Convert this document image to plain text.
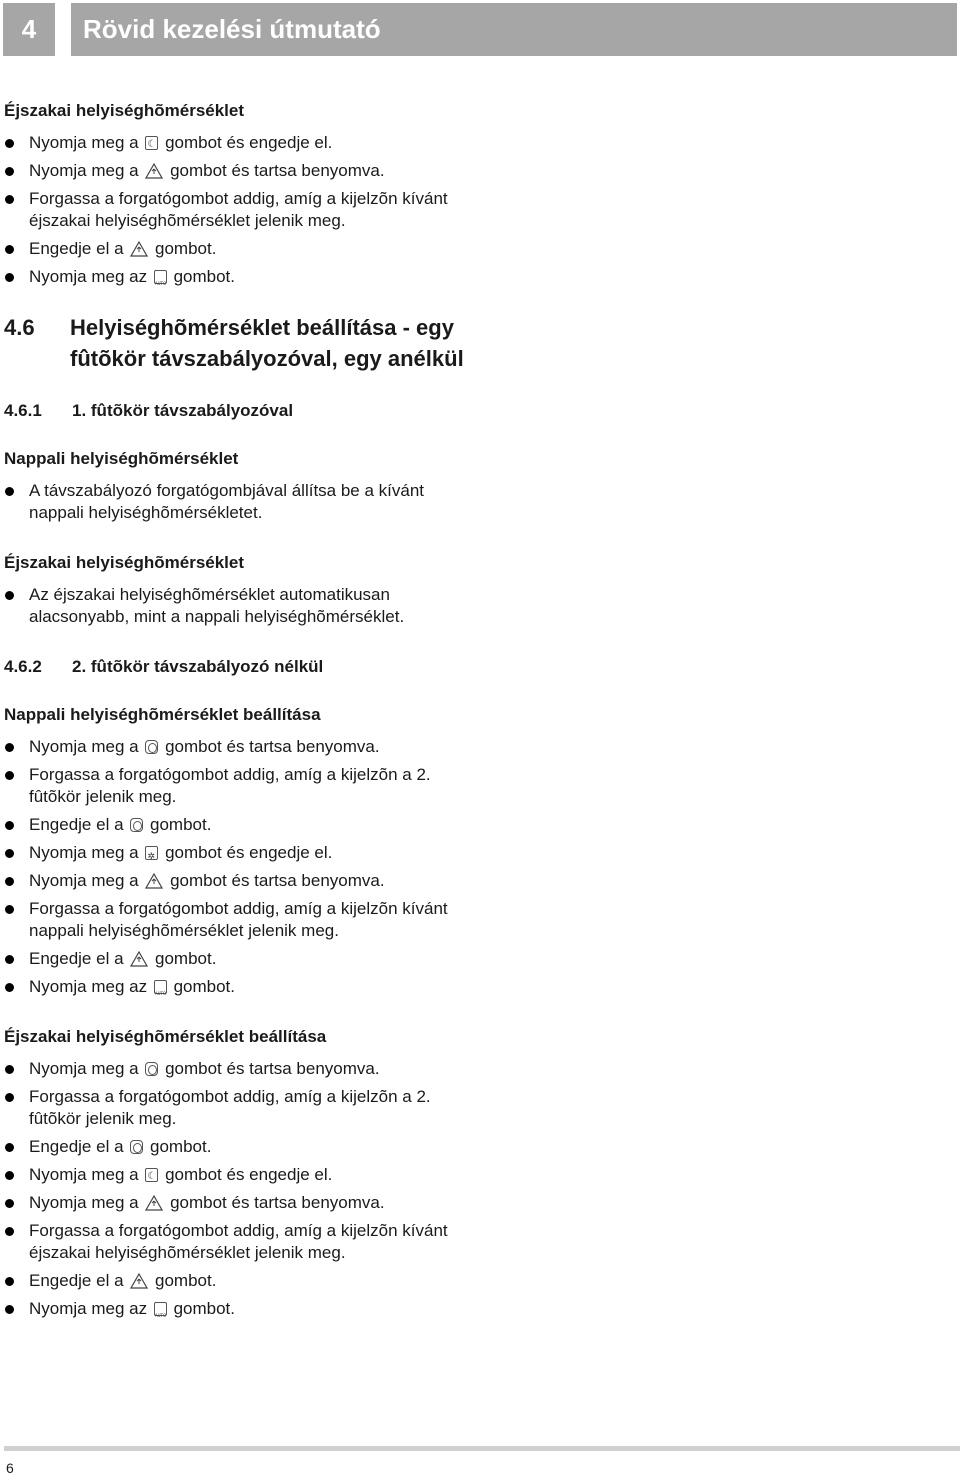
4	Rövid kezelési útmutató

Éjszakai helyiséghõmérséklet

Nyomja meg a ☾ gombot és engedje el.
Nyomja meg a gombot és tartsa benyomva.
Forgassa a forgatógombot addig, amíg a kijelzõn kívánt éjszakai helyiséghõmérséklet jelenik meg.
Engedje el a gombot.
Nyomja meg az AUTO gombot.
4.6	Helyiséghõmérséklet beállítása - egy fûtõkör távszabályozóval, egy anélkül
4.6.1	1. fûtõkör távszabályozóval

Nappali helyiséghõmérséklet

A távszabályozó forgatógombjával állítsa be a kívánt nappali helyiséghõmérsékletet.

Éjszakai helyiséghõmérséklet

Az éjszakai helyiséghõmérséklet automatikusan alacsonyabb, mint a nappali helyiséghõmérséklet.
4.6.2	2. fûtõkör távszabályozó nélkül

Nappali helyiséghõmérséklet beállítása

Nyomja meg a gombot és tartsa benyomva.
Forgassa a forgatógombot addig, amíg a kijelzõn a 2. fûtõkör jelenik meg.
Engedje el a gombot.
Nyomja meg a ✲ gombot és engedje el.
Nyomja meg a gombot és tartsa benyomva.
Forgassa a forgatógombot addig, amíg a kijelzõn kívánt nappali helyiséghõmérséklet jelenik meg.
Engedje el a gombot.
Nyomja meg az AUTO gombot.

Éjszakai helyiséghõmérséklet beállítása

Nyomja meg a gombot és tartsa benyomva.
Forgassa a forgatógombot addig, amíg a kijelzõn a 2. fûtõkör jelenik meg.
Engedje el a gombot.
Nyomja meg a ☾ gombot és engedje el.
Nyomja meg a gombot és tartsa benyomva.
Forgassa a forgatógombot addig, amíg a kijelzõn kívánt éjszakai helyiséghõmérséklet jelenik meg.
Engedje el a gombot.
Nyomja meg az AUTO gombot.
6
